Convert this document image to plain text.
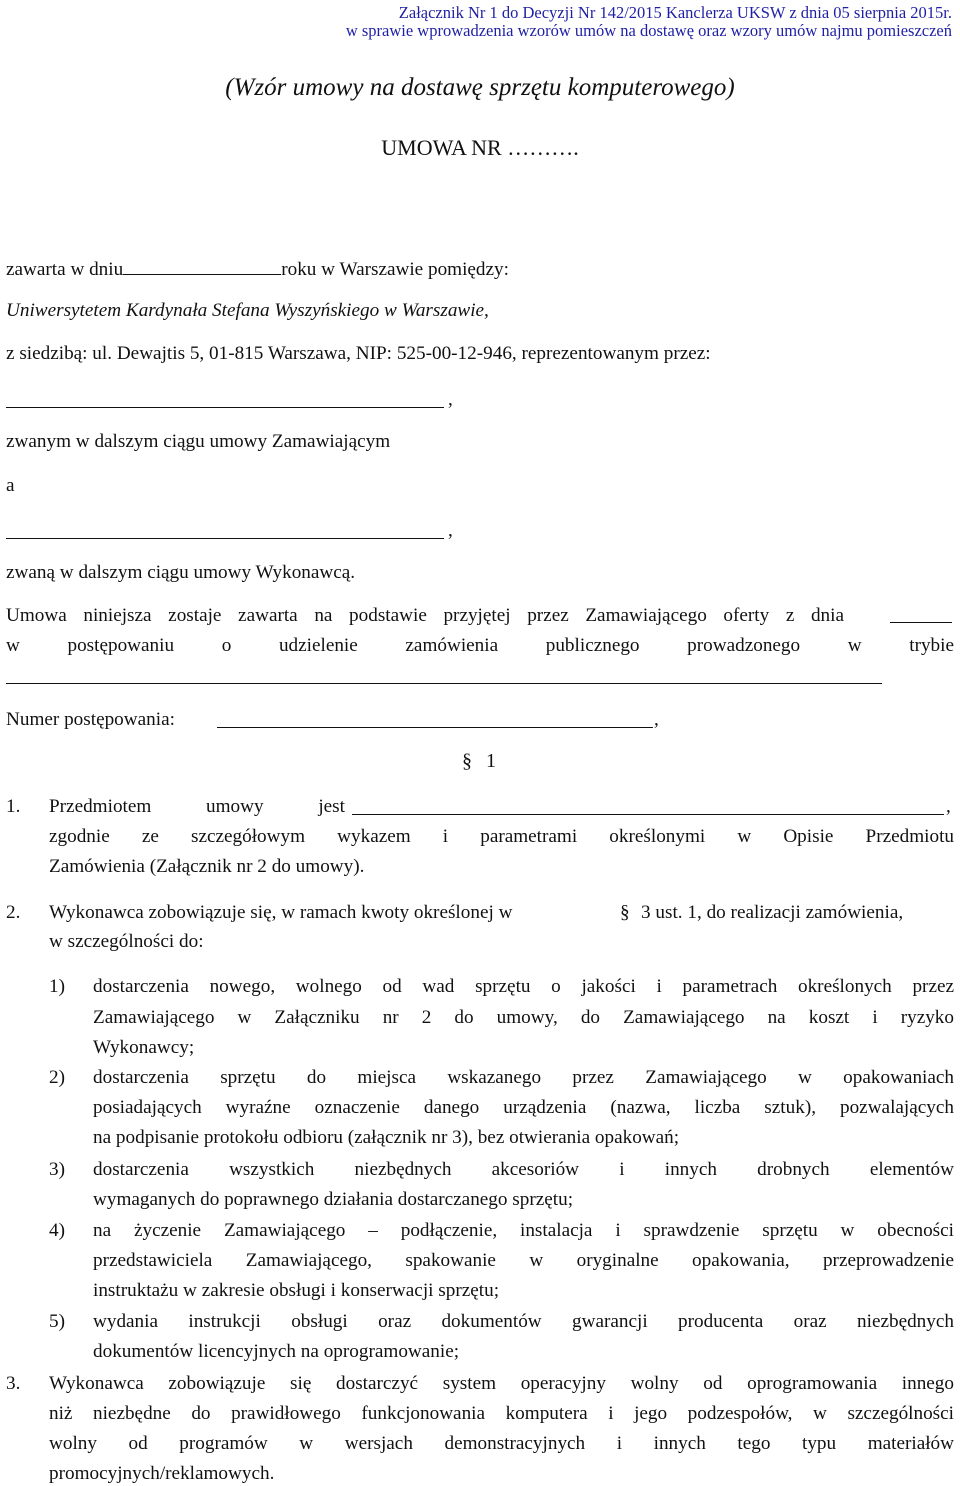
Załącznik Nr 1 do Decyzji Nr 142/2015 Kanclerza UKSW z dnia 05 sierpnia 2015r.
w sprawie wprowadzenia wzorów umów na dostawę oraz wzory umów najmu pomieszczeń
(Wzór umowy na dostawę sprzętu komputerowego)
UMOWA NR ……….
zawarta w dniu	roku w Warszawie pomiędzy:
Uniwersytetem Kardynała Stefana Wyszyńskiego w Warszawie,
z siedzibą: ul. Dewajtis 5, 01-815 Warszawa, NIP: 525-00-12-946, reprezentowanym przez:
,
zwanym w dalszym ciągu umowy Zamawiającym
a
,
zwaną w dalszym ciągu umowy Wykonawcą.
Umowa niniejsza zostaje zawarta na podstawie przyjętej przez Zamawiającego oferty z dnia
w postępowaniu o udzielenie zamówienia publicznego prowadzonego w trybie
Numer postępowania:	,
§ 1
1. Przedmiotem umowy jest	,
zgodnie ze szczegółowym wykazem i parametrami określonymi w Opisie Przedmiotu
Zamówienia (Załącznik nr 2 do umowy).
2. Wykonawca zobowiązuje się, w ramach kwoty określonej w	§ 3 ust. 1, do realizacji zamówienia,
w szczególności do:
1) dostarczenia nowego, wolnego od wad sprzętu o jakości i parametrach określonych przez
Zamawiającego w Załączniku nr 2 do umowy, do Zamawiającego na koszt i ryzyko
Wykonawcy;
2) dostarczenia sprzętu do miejsca wskazanego przez Zamawiającego w opakowaniach
posiadających wyraźne oznaczenie danego urządzenia (nazwa, liczba sztuk), pozwalających
na podpisanie protokołu odbioru (załącznik nr 3), bez otwierania opakowań;
3) dostarczenia wszystkich niezbędnych akcesoriów i innych drobnych elementów
wymaganych do poprawnego działania dostarczanego sprzętu;
4) na życzenie Zamawiającego – podłączenie, instalacja i sprawdzenie sprzętu w obecności
przedstawiciela Zamawiającego, spakowanie w oryginalne opakowania, przeprowadzenie
instruktażu w zakresie obsługi i konserwacji sprzętu;
5) wydania instrukcji obsługi oraz dokumentów gwarancji producenta oraz niezbędnych
dokumentów licencyjnych na oprogramowanie;
3. Wykonawca zobowiązuje się dostarczyć system operacyjny wolny od oprogramowania innego
niż niezbędne do prawidłowego funkcjonowania komputera i jego podzespołów, w szczególności
wolny od programów w wersjach demonstracyjnych i innych tego typu materiałów
promocyjnych/reklamowych.
